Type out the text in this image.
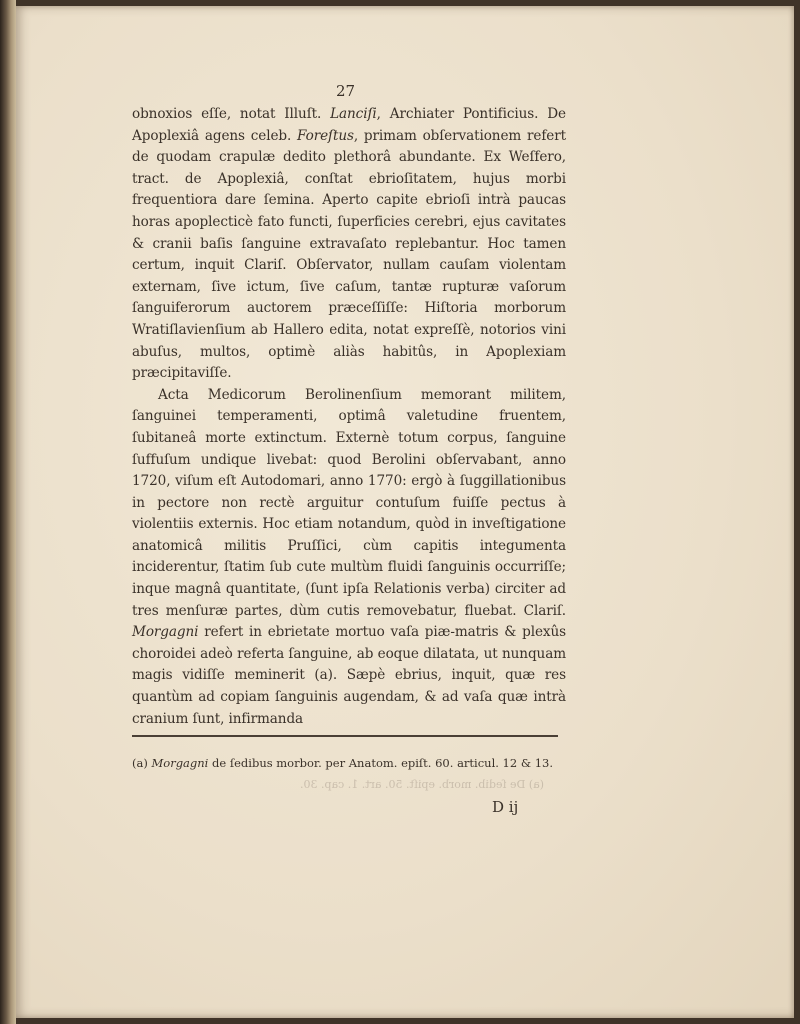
27

obnoxios eſſe, notat Illuſt. Lanciſi, Archiater Pontificius. De Apoplexiâ agens celeb. Foreſtus, primam obſervationem refert de quodam crapulæ dedito plethorâ abundante. Ex Weſfero, tract. de Apoplexiâ, conſtat ebrioſitatem, hujus morbi frequentiora dare ſemina. Aperto capite ebrioſi intrà paucas horas apoplecticè fato functi, ſuperficies cerebri, ejus cavitates & cranii baſis ſanguine extravaſato replebantur. Hoc tamen certum, inquit Clariſ. Obſervator, nullam cauſam violentam externam, ſive ictum, ſive caſum, tantæ rupturæ vaſorum ſanguiferorum auctorem præceſſiſſe: Hiſtoria morborum Wratiſlavienſium ab Hallero edita, notat expreſſè, notorios vini abuſus, multos, optimè aliàs habitûs, in Apoplexiam præcipitaviſſe.

Acta Medicorum Berolinenſium memorant militem, ſanguinei temperamenti, optimâ valetudine fruentem, ſubitaneâ morte extinctum. Externè totum corpus, ſanguine ſuffuſum undique livebat: quod Berolini obſervabant, anno 1720, viſum eſt Autodomari, anno 1770: ergò à ſuggillationibus in pectore non rectè arguitur contuſum fuiſſe pectus à violentiis externis. Hoc etiam notandum, quòd in inveſtigatione anatomicâ militis Pruſſici, cùm capitis integumenta inciderentur, ſtatim ſub cute multùm fluidi ſanguinis occurriſſe; inque magnâ quantitate, (ſunt ipſa Relationis verba) circiter ad tres menſuræ partes, dùm cutis removebatur, fluebat. Clariſ. Morgagni refert in ebrietate mortuo vaſa piæ-matris & plexûs choroidei adeò referta ſanguine, ab eoque dilatata, ut nunquam magis vidiſſe meminerit (a). Sæpè ebrius, inquit, quæ res quantùm ad copiam ſanguinis augendam, & ad vaſa quæ intrà cranium ſunt, infirmanda

(a) Morgagni de ſedibus morbor. per Anatom. epiſt. 60. articul. 12 & 13.
(a) De ſedib. morb. epiſt. 50. art. 1. cap. 30.
D ij
